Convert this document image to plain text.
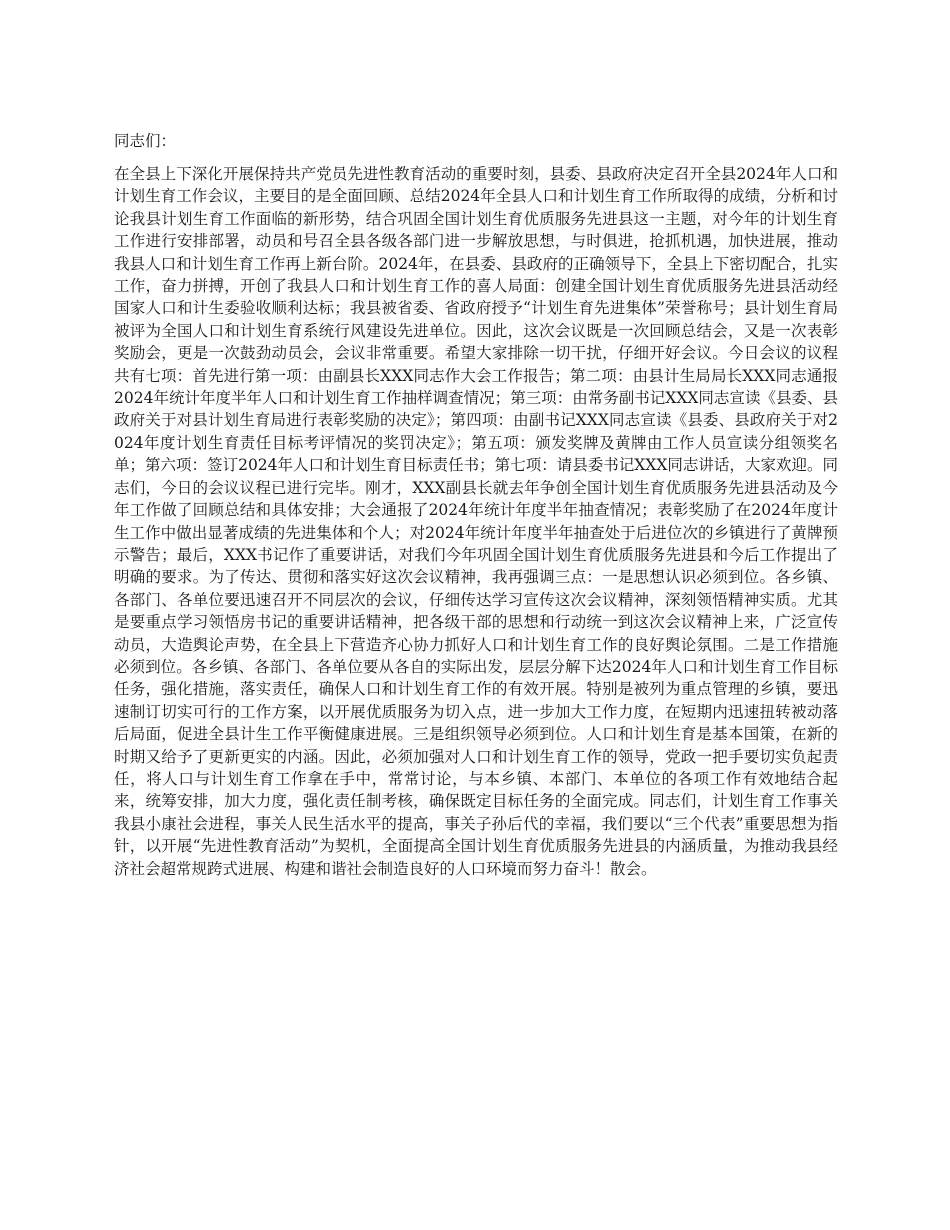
同志们：

在全县上下深化开展保持共产党员先进性教育活动的重要时刻，县委、县政府决定召开全县2024年人口和计划生育工作会议，主要目的是全面回顾、总结2024年全县人口和计划生育工作所取得的成绩，分析和讨论我县计划生育工作面临的新形势，结合巩固全国计划生育优质服务先进县这一主题，对今年的计划生育工作进行安排部署，动员和号召全县各级各部门进一步解放思想，与时俱进，抢抓机遇，加快进展，推动我县人口和计划生育工作再上新台阶。2024年，在县委、县政府的正确领导下，全县上下密切配合，扎实工作，奋力拼搏，开创了我县人口和计划生育工作的喜人局面：创建全国计划生育优质服务先进县活动经国家人口和计生委验收顺利达标；我县被省委、省政府授予“计划生育先进集体”荣誉称号；县计划生育局被评为全国人口和计划生育系统行风建设先进单位。因此，这次会议既是一次回顾总结会，又是一次表彰奖励会，更是一次鼓劲动员会，会议非常重要。希望大家排除一切干扰，仔细开好会议。今日会议的议程共有七项：首先进行第一项：由副县长XXX同志作大会工作报告；第二项：由县计生局局长XXX同志通报2024年统计年度半年人口和计划生育工作抽样调查情况；第三项：由常务副书记XXX同志宣读《县委、县政府关于对县计划生育局进行表彰奖励的决定》；第四项：由副书记XXX同志宣读《县委、县政府关于对2024年度计划生育责任目标考评情况的奖罚决定》；第五项：颁发奖牌及黄牌由工作人员宣读分组领奖名单；第六项：签订2024年人口和计划生育目标责任书；第七项：请县委书记XXX同志讲话，大家欢迎。同志们，今日的会议议程已进行完毕。刚才，XXX副县长就去年争创全国计划生育优质服务先进县活动及今年工作做了回顾总结和具体安排；大会通报了2024年统计年度半年抽查情况；表彰奖励了在2024年度计生工作中做出显著成绩的先进集体和个人；对2024年统计年度半年抽查处于后进位次的乡镇进行了黄牌预示警告；最后，XXX书记作了重要讲话，对我们今年巩固全国计划生育优质服务先进县和今后工作提出了明确的要求。为了传达、贯彻和落实好这次会议精神，我再强调三点：一是思想认识必须到位。各乡镇、各部门、各单位要迅速召开不同层次的会议，仔细传达学习宣传这次会议精神，深刻领悟精神实质。尤其是要重点学习领悟房书记的重要讲话精神，把各级干部的思想和行动统一到这次会议精神上来，广泛宣传动员，大造舆论声势，在全县上下营造齐心协力抓好人口和计划生育工作的良好舆论氛围。二是工作措施必须到位。各乡镇、各部门、各单位要从各自的实际出发，层层分解下达2024年人口和计划生育工作目标任务，强化措施，落实责任，确保人口和计划生育工作的有效开展。特别是被列为重点管理的乡镇，要迅速制订切实可行的工作方案，以开展优质服务为切入点，进一步加大工作力度，在短期内迅速扭转被动落后局面，促进全县计生工作平衡健康进展。三是组织领导必须到位。人口和计划生育是基本国策，在新的时期又给予了更新更实的内涵。因此，必须加强对人口和计划生育工作的领导，党政一把手要切实负起责任，将人口与计划生育工作拿在手中，常常讨论，与本乡镇、本部门、本单位的各项工作有效地结合起来，统筹安排，加大力度，强化责任制考核，确保既定目标任务的全面完成。同志们，计划生育工作事关我县小康社会进程，事关人民生活水平的提高，事关子孙后代的幸福，我们要以“三个代表”重要思想为指针，以开展“先进性教育活动”为契机，全面提高全国计划生育优质服务先进县的内涵质量，为推动我县经济社会超常规跨式进展、构建和谐社会制造良好的人口环境而努力奋斗！散会。
